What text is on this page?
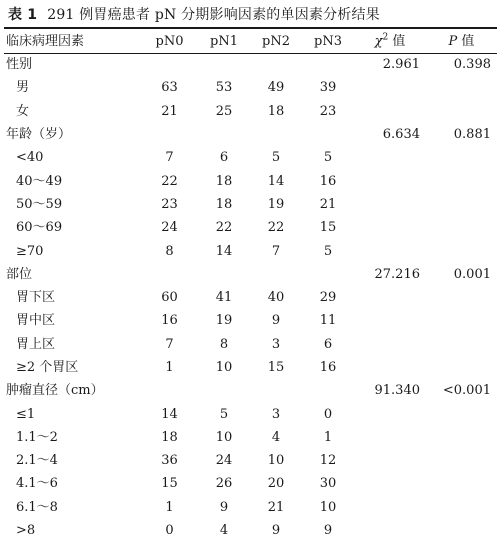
表 1 291 例胃癌患者 pN 分期影响因素的单因素分析结果
临床病理因素	pN0	pN1	pN2	pN3	$\chi^2$ 值	P 值
性别					2.961	0.398
男	63	53	49	39		
女	21	25	18	23		
年龄（岁）					6.634	0.881
<40	7	6	5	5		
40～49	22	18	14	16		
50～59	23	18	19	21		
60～69	24	22	22	15		
≥70	8	14	7	5		
部位					27.216	0.001
胃下区	60	41	40	29		
胃中区	16	19	9	11		
胃上区	7	8	3	6		
≥2 个胃区	1	10	15	16		
肿瘤直径（cm）					91.340	<0.001
≤1	14	5	3	0		
1.1～2	18	10	4	1		
2.1～4	36	24	10	12		
4.1～6	15	26	20	30		
6.1～8	1	9	21	10		
>8	0	4	9	9		
